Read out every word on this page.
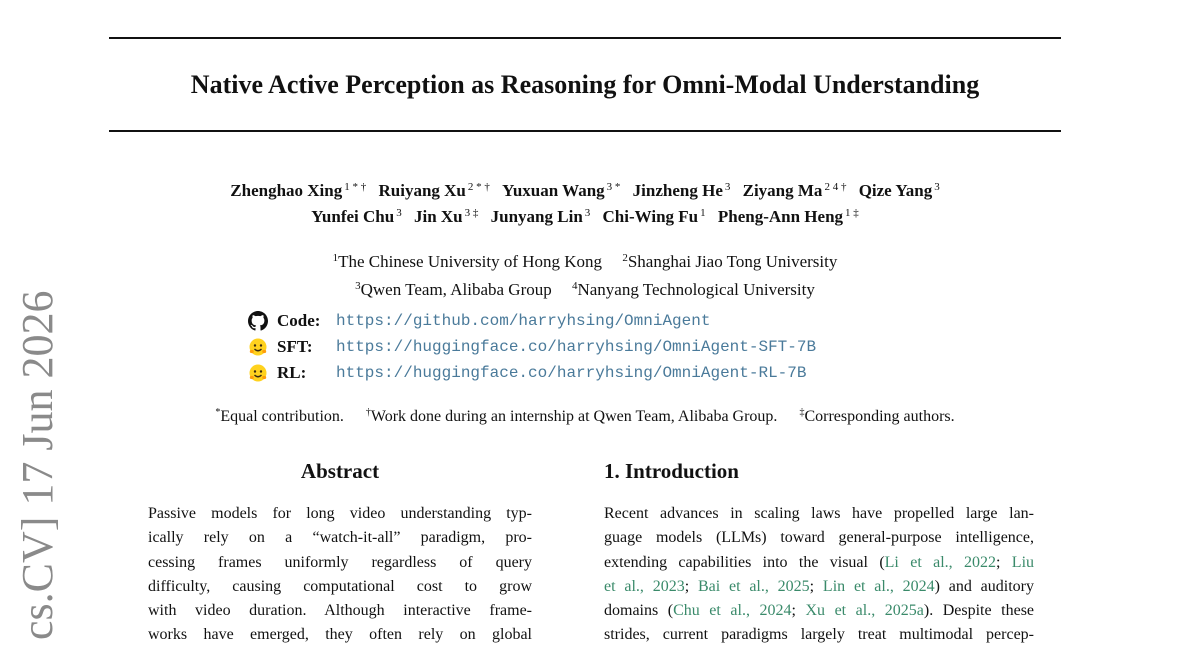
cs.CV] 17 Jun 2026
Native Active Perception as Reasoning for Omni-Modal Understanding
Zhenghao Xing $^{1 * \dagger}$ Ruiyang Xu $^{2 * \dagger}$ Yuxuan Wang $^{3 *}$ Jinzheng He $^3$ Ziyang Ma $^{2 4 \dagger}$ Qize Yang $^3$
Yunfei Chu $^3$ Jin Xu $^{3 \ddagger}$ Junyang Lin $^3$ Chi-Wing Fu $^1$ Pheng-Ann Heng $^{1 \ddagger}$
$^1$The Chinese University of Hong Kong $^2$Shanghai Jiao Tong University
$^3$Qwen Team, Alibaba Group $^4$Nanyang Technological University
Code: https://github.com/harryhsing/OmniAgent
SFT:	https://huggingface.co/harryhsing/OmniAgent-SFT-7B
RL:	https://huggingface.co/harryhsing/OmniAgent-RL-7B
*Equal contribution. †Work done during an internship at Qwen Team, Alibaba Group. ‡Corresponding authors.
Abstract
Passive models for long video understanding typ-
ically rely on a “watch-it-all” paradigm, pro-
cessing frames uniformly regardless of query
difficulty, causing computational cost to grow
with video duration. Although interactive frame-
works have emerged, they often rely on global
1. Introduction
Recent advances in scaling laws have propelled large lan-
guage models (LLMs) toward general-purpose intelligence,
extending capabilities into the visual (Li et al., 2022; Liu
et al., 2023; Bai et al., 2025; Lin et al., 2024) and auditory
domains (Chu et al., 2024; Xu et al., 2025a). Despite these
strides, current paradigms largely treat multimodal percep-
